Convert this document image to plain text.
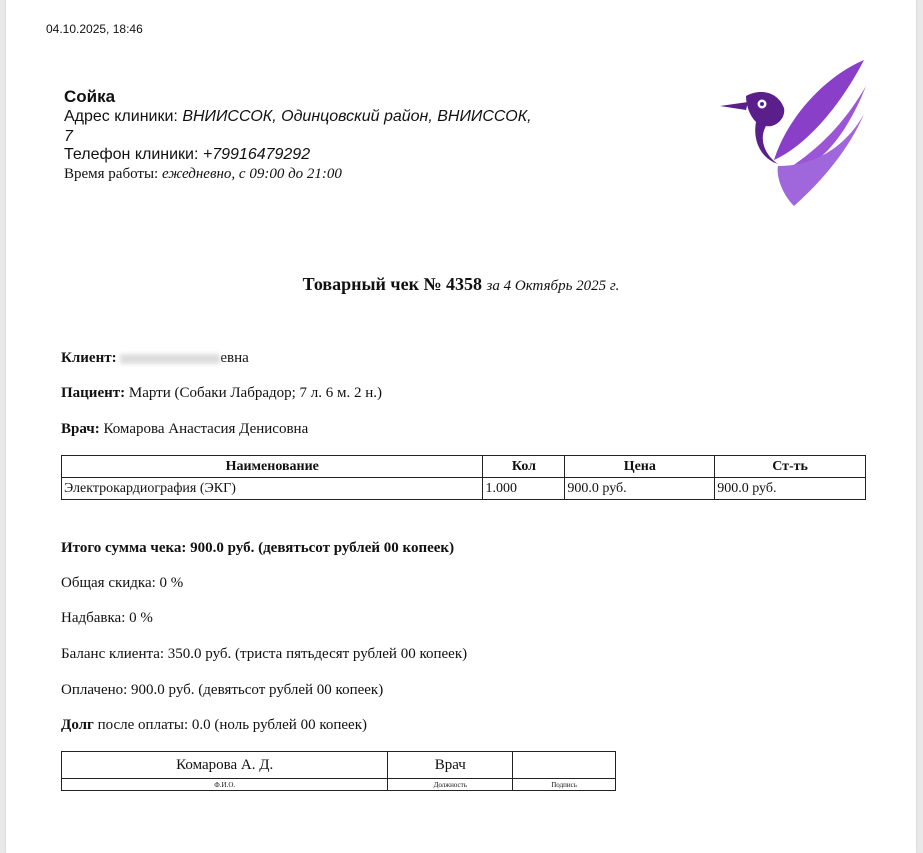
04.10.2025, 18:46
Сойка
Адрес клиники: ВНИИССОК, Одинцовский район, ВНИИССОК, 7
Телефон клиники: +79916479292
Время работы: ежедневно, с 09:00 до 21:00
Товарный чек № 4358 за 4 Октябрь 2025 г.
Клиент:	евна
Пациент: Марти (Собаки Лабрадор; 7 л. 6 м. 2 н.)
Врач: Комарова Анастасия Денисовна
Наименование	Кол	Цена	Ст-ть
Электрокардиография (ЭКГ)	1.000	900.0 руб.	900.0 руб.
Итого сумма чека: 900.0 руб. (девятьсот рублей 00 копеек)
Общая скидка: 0 %
Надбавка: 0 %
Баланс клиента: 350.0 руб. (триста пятьдесят рублей 00 копеек)
Оплачено: 900.0 руб. (девятьсот рублей 00 копеек)
Долг после оплаты: 0.0 (ноль рублей 00 копеек)
Комарова А. Д.	Врач	
Ф.И.О.	Должность	Подпись
